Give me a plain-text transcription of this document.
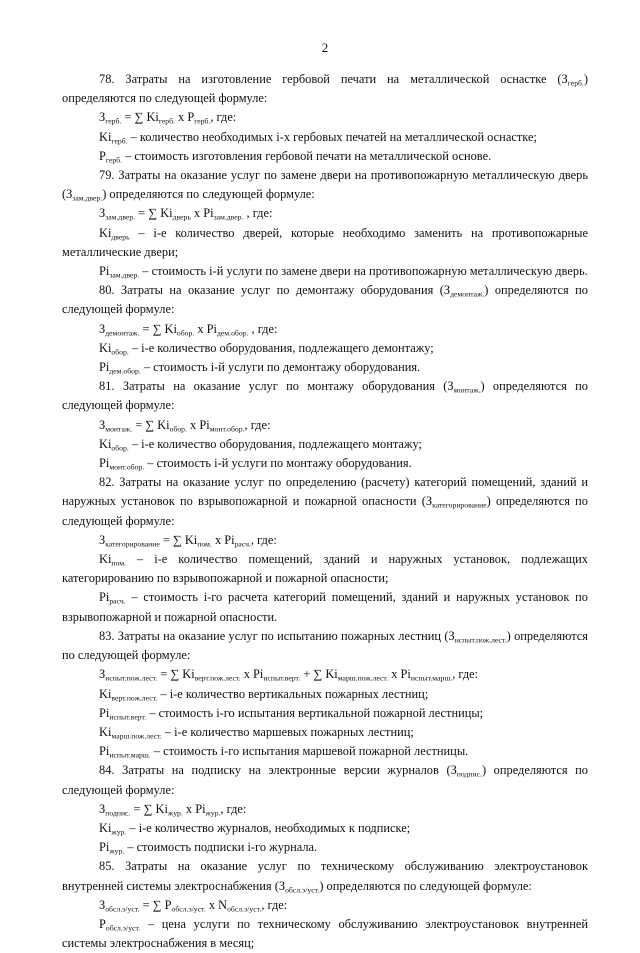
2

78. Затраты на изготовление гербовой печати на металлической оснастке $(З_{герб.})$ определяются по следующей формуле:

$З_{герб.}$ = ∑ $Ki_{герб.}$ х $P_{герб.}$, где:

$Ki_{герб.}$ – количество необходимых i-х гербовых печатей на металлической оснастке;

$P_{герб.}$ – стоимость изготовления гербовой печати на металлической основе.

79. Затраты на оказание услуг по замене двери на противопожарную металлическую дверь $(З_{зам.двер.})$ определяются по следующей формуле:

$З_{зам.двер.}$ = ∑ $Ki_{дверь}$ х $Pi_{зам.двер.}$ , где:

$Ki_{дверь} - i-е$ количество дверей, которые необходимо заменить на противопожарные металлические двери;

$Pi_{зам.двер.}$ – стоимость i-й услуги по замене двери на противопожарную металлическую дверь.

80. Затраты на оказание услуг по демонтажу оборудования $(З_{демонтаж.})$ определяются по следующей формуле:

$З_{демонтаж.}$ = ∑ $Ki_{обор.}$ х $Pi_{дем.обор.}$ , где:

$Ki_{обор.} - i-е$ количество оборудования, подлежащего демонтажу;

$Pi_{дем.обор.}$ – стоимость i-й услуги по демонтажу оборудования.

81. Затраты на оказание услуг по монтажу оборудования $(З_{монтаж.})$ определяются по следующей формуле:

$З_{монтаж.}$ = ∑ $Ki_{обор.}$ х $Pi_{монт.обор.}$, где:

$Ki_{обор.} - i-е$ количество оборудования, подлежащего монтажу;

$Pi_{монт.обор.}$ – стоимость i-й услуги по монтажу оборудования.

82. Затраты на оказание услуг по определению (расчету) категорий помещений, зданий и наружных установок по взрывопожарной и пожарной опасности $(З_{категорирование})$ определяются по следующей формуле:

$З_{категорирование}$ = ∑ $Ki_{пом.}$ х $Pi_{расч.}$, где:

$Ki_{пом.} - i-е$ количество помещений, зданий и наружных установок, подлежащих категорированию по взрывопожарной и пожарной опасности;

$Pi_{расч.}$ – стоимость i-го расчета категорий помещений, зданий и наружных установок по взрывопожарной и пожарной опасности.

83. Затраты на оказание услуг по испытанию пожарных лестниц $(З_{испыт.пож.лест.})$ определяются по следующей формуле:

$З_{испыт.пож.лест.}$ = ∑ $Ki_{верт.пож.лест.}$ х $Pi_{испыт.верт.}$ + ∑ $Ki_{марш.пож.лест.}$ х $Pi_{испыт.марш.}$, где:

$Ki_{верт.пож.лест.} - i-е$ количество вертикальных пожарных лестниц;

$Pi_{испыт.верт.}$ – стоимость i-го испытания вертикальной пожарной лестницы;

$Ki_{марш.пож.лест.} - i-е$ количество маршевых пожарных лестниц;

$Pi_{испыт.марш.}$ – стоимость i-го испытания маршевой пожарной лестницы.

84. Затраты на подписку на электронные версии журналов $(З_{подпис.})$ определяются по следующей формуле:

$З_{подпис.}$ = ∑ $Ki_{жур.}$ х $Pi_{жур.}$, где:

$Ki_{жур.} - i-е$ количество журналов, необходимых к подписке;

$Pi_{жур.}$ – стоимость подписки i-го журнала.

85. Затраты на оказание услуг по техническому обслуживанию электроустановок внутренней системы электроснабжения $(З_{обсл.э/уст.})$ определяются по следующей формуле:

$З_{обсл.э/уст.}$ = ∑ $P_{обсл.э/уст.}$ х $N_{обсл.э/уст.}$, где:

$P_{обсл.э/уст.}$ – цена услуги по техническому обслуживанию электроустановок внутренней системы электроснабжения в месяц;
